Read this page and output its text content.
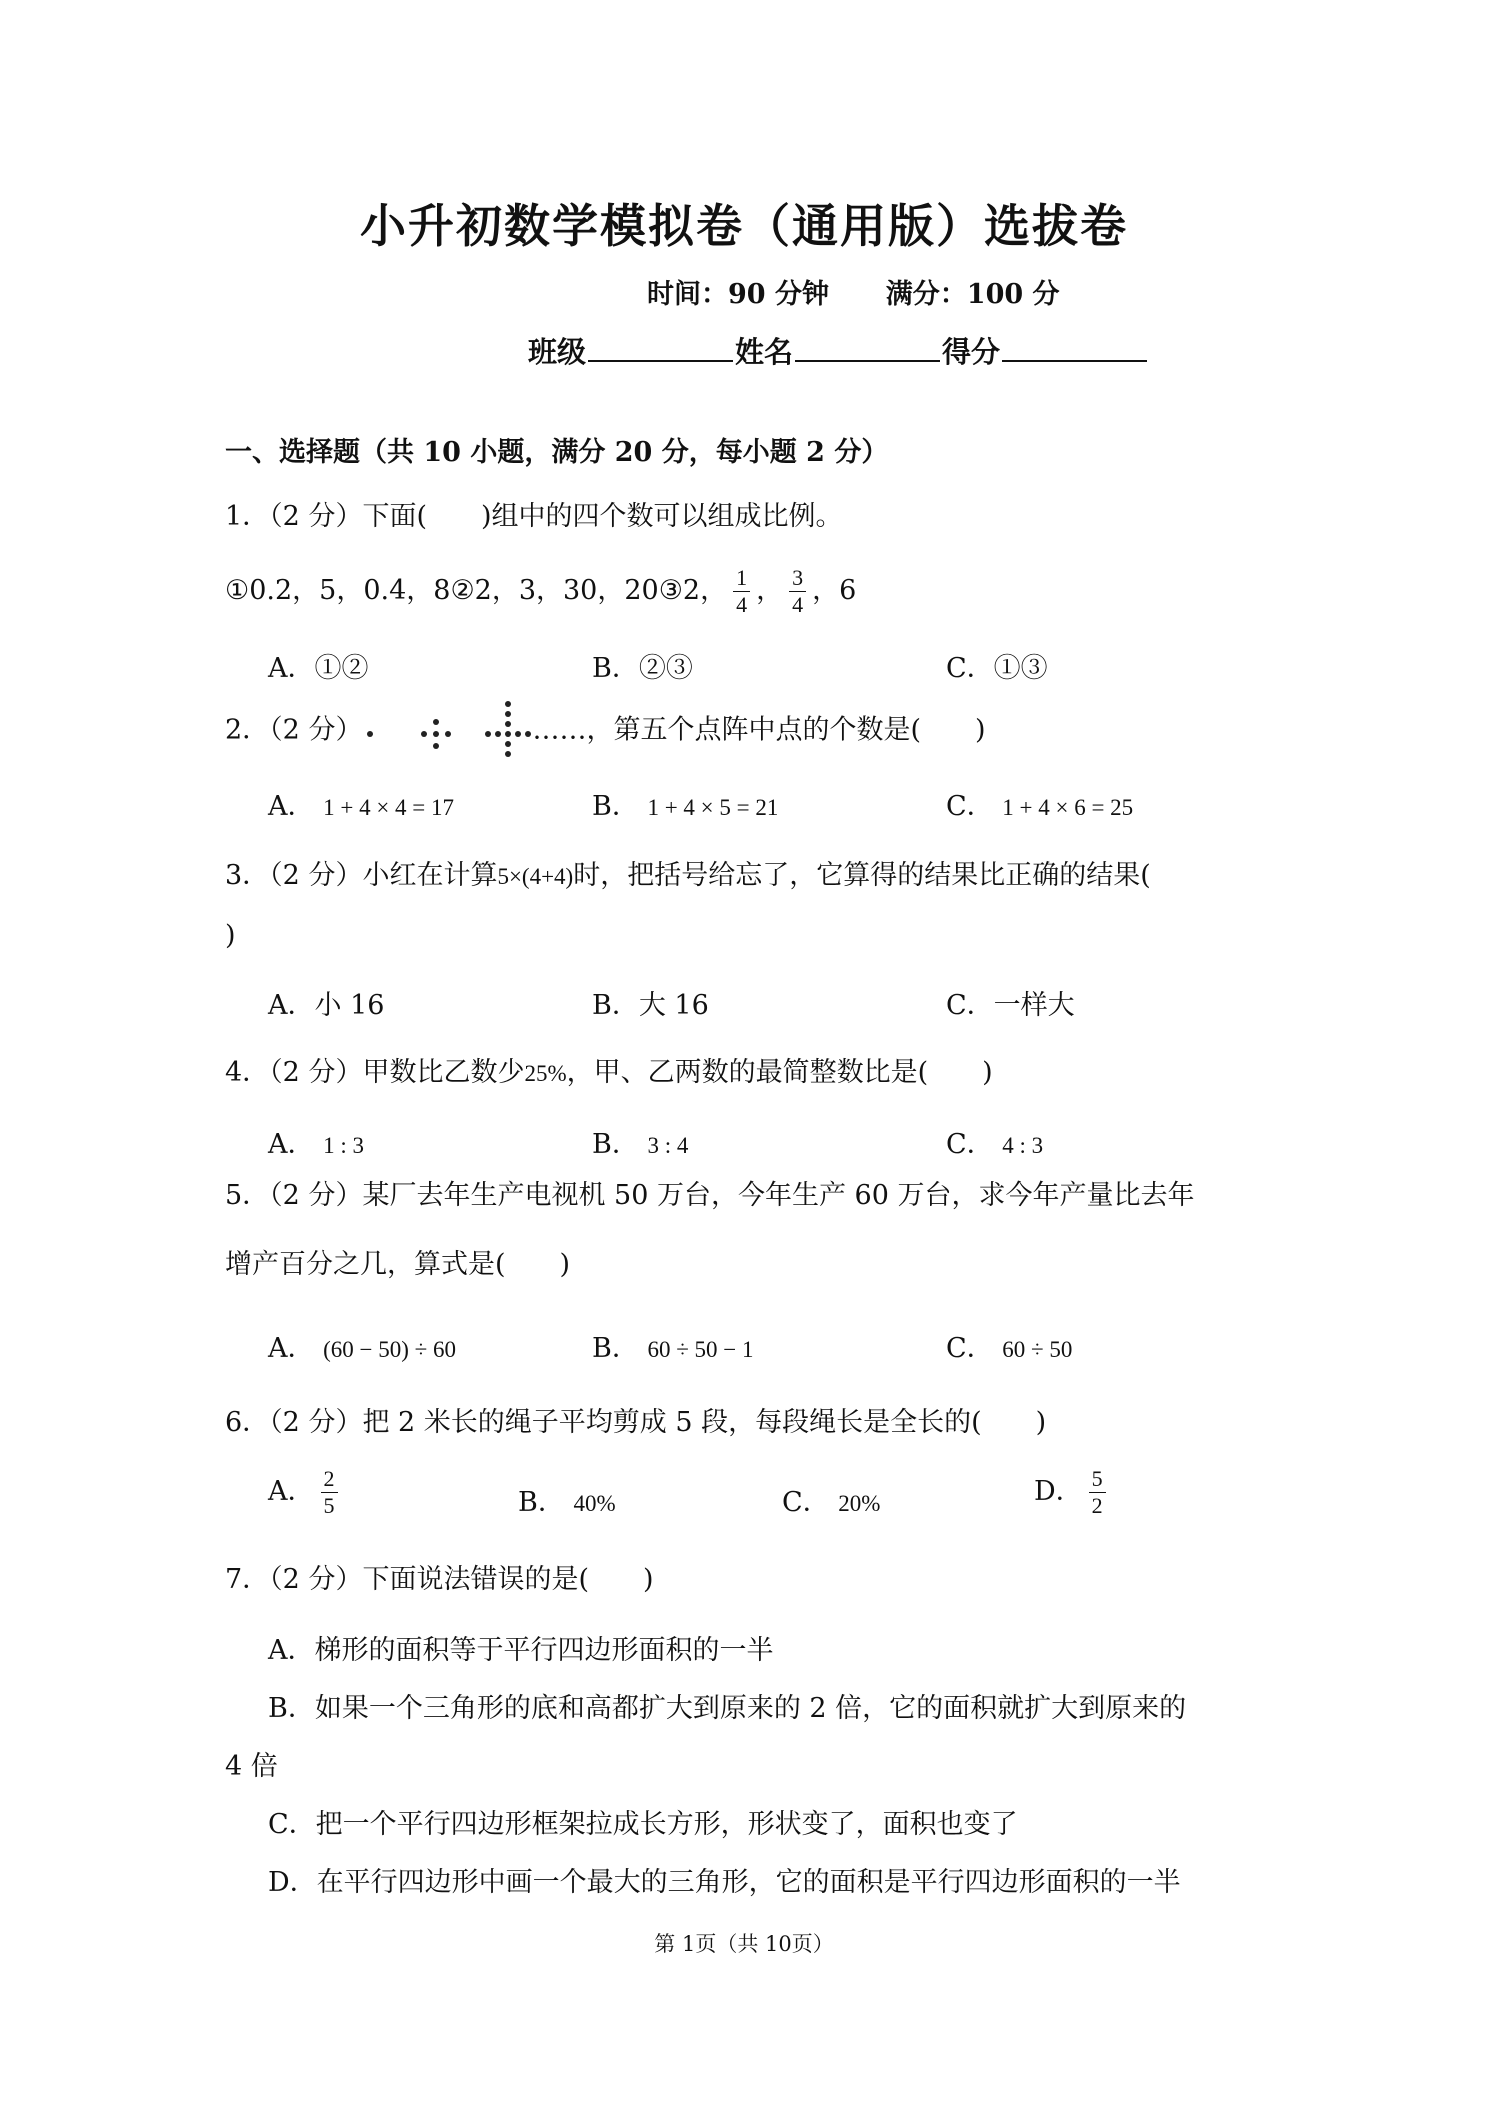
小升初数学模拟卷（通用版）选拔卷
时间：90 分钟 满分：100 分
班级	姓名	得分
一、选择题（共 10 小题，满分 20 分，每小题 2 分）
1．（2 分）下面(　　)组中的四个数可以组成比例。
①0.2，5，0.4，8②2，3，30，20③2， $\frac{1}{4}$ ， $\frac{3}{4}$ ，6
A．①②	B．②③	C．①③
2．（2 分）	……，第五个点阵中点的个数是(　　)
A． 1 + 4 × 4 = 17	B． 1 + 4 × 5 = 21	C． 1 + 4 × 6 = 25
3．（2 分）小红在计算5×(4+4)时，把括号给忘了，它算得的结果比正确的结果(
)
A．小 16	B．大 16	C．一样大
4．（2 分）甲数比乙数少25%，甲、乙两数的最简整数比是(　　)
A． 1 : 3	B． 3 : 4	C． 4 : 3
5．（2 分）某厂去年生产电视机 50 万台，今年生产 60 万台，求今年产量比去年
增产百分之几，算式是(　　)
A． (60 − 50) ÷ 60	B． 60 ÷ 50 − 1	C． 60 ÷ 50
6．（2 分）把 2 米长的绳子平均剪成 5 段，每段绳长是全长的(　　)
A． $\frac{2}{5}$	B． 40%	C． 20%	D． $\frac{5}{2}$
7．（2 分）下面说法错误的是(　　)
A．梯形的面积等于平行四边形面积的一半
B．如果一个三角形的底和高都扩大到原来的 2 倍，它的面积就扩大到原来的
4 倍
C．把一个平行四边形框架拉成长方形，形状变了，面积也变了
D．在平行四边形中画一个最大的三角形，它的面积是平行四边形面积的一半
第 1页（共 10页）
